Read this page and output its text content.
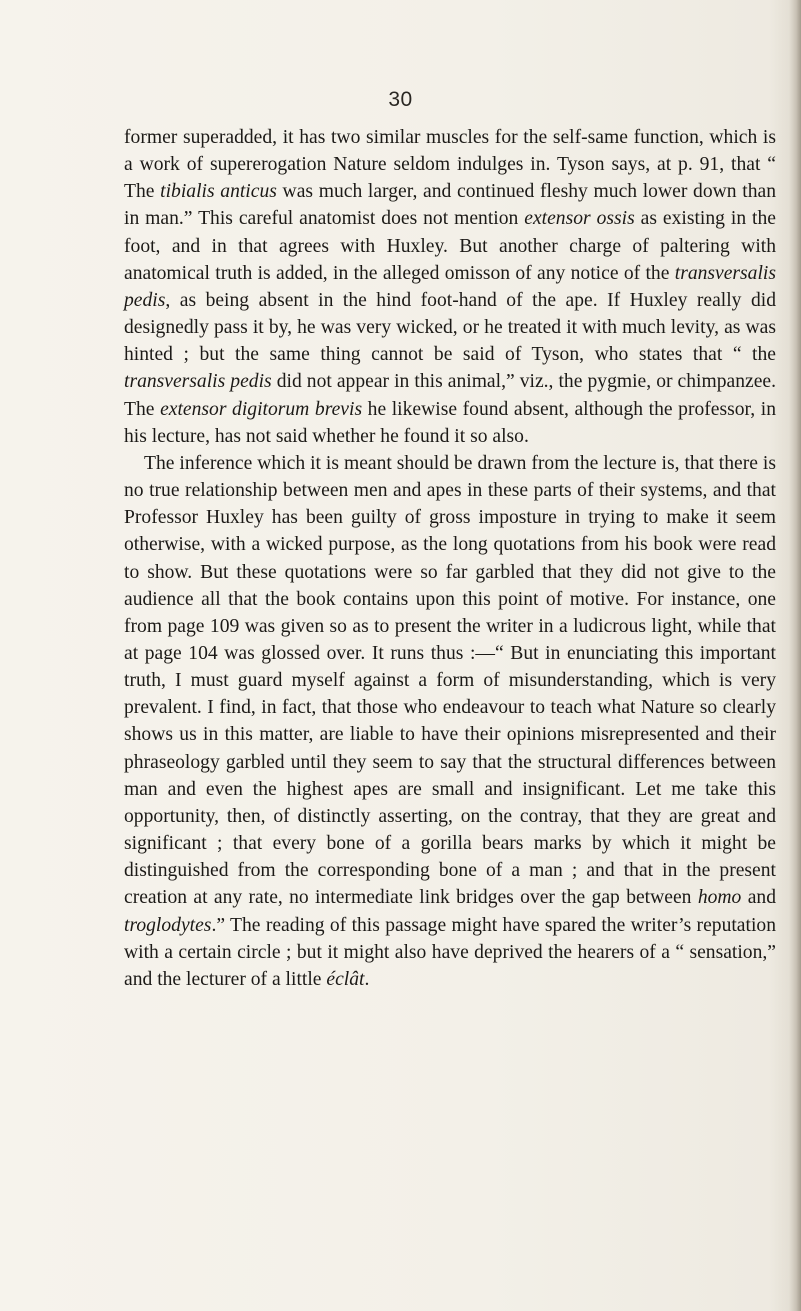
30

former superadded, it has two similar muscles for the self-same function, which is a work of supererogation Nature seldom indulges in. Tyson says, at p. 91, that “ The tibialis anticus was much larger, and continued fleshy much lower down than in man.” This careful anatomist does not mention extensor ossis as existing in the foot, and in that agrees with Huxley. But another charge of paltering with anatomical truth is added, in the alleged omisson of any notice of the transversalis pedis, as being absent in the hind foot-hand of the ape. If Huxley really did designedly pass it by, he was very wicked, or he treated it with much levity, as was hinted ; but the same thing cannot be said of Tyson, who states that “ the transversalis pedis did not appear in this animal,” viz., the pygmie, or chimpanzee. The extensor digitorum brevis he likewise found absent, although the professor, in his lecture, has not said whether he found it so also.

The inference which it is meant should be drawn from the lecture is, that there is no true relationship between men and apes in these parts of their systems, and that Professor Huxley has been guilty of gross imposture in trying to make it seem otherwise, with a wicked purpose, as the long quotations from his book were read to show. But these quotations were so far garbled that they did not give to the audience all that the book contains upon this point of motive. For instance, one from page 109 was given so as to present the writer in a ludicrous light, while that at page 104 was glossed over. It runs thus :—“ But in enunciating this important truth, I must guard myself against a form of misunderstanding, which is very prevalent. I find, in fact, that those who endeavour to teach what Nature so clearly shows us in this matter, are liable to have their opinions misrepresented and their phraseology garbled until they seem to say that the structural differences between man and even the highest apes are small and insignificant. Let me take this opportunity, then, of distinctly asserting, on the contray, that they are great and significant ; that every bone of a gorilla bears marks by which it might be distinguished from the corresponding bone of a man ; and that in the present creation at any rate, no intermediate link bridges over the gap between homo and troglodytes.” The reading of this passage might have spared the writer’s reputation with a certain circle ; but it might also have deprived the hearers of a “ sensation,” and the lecturer of a little éclât.
